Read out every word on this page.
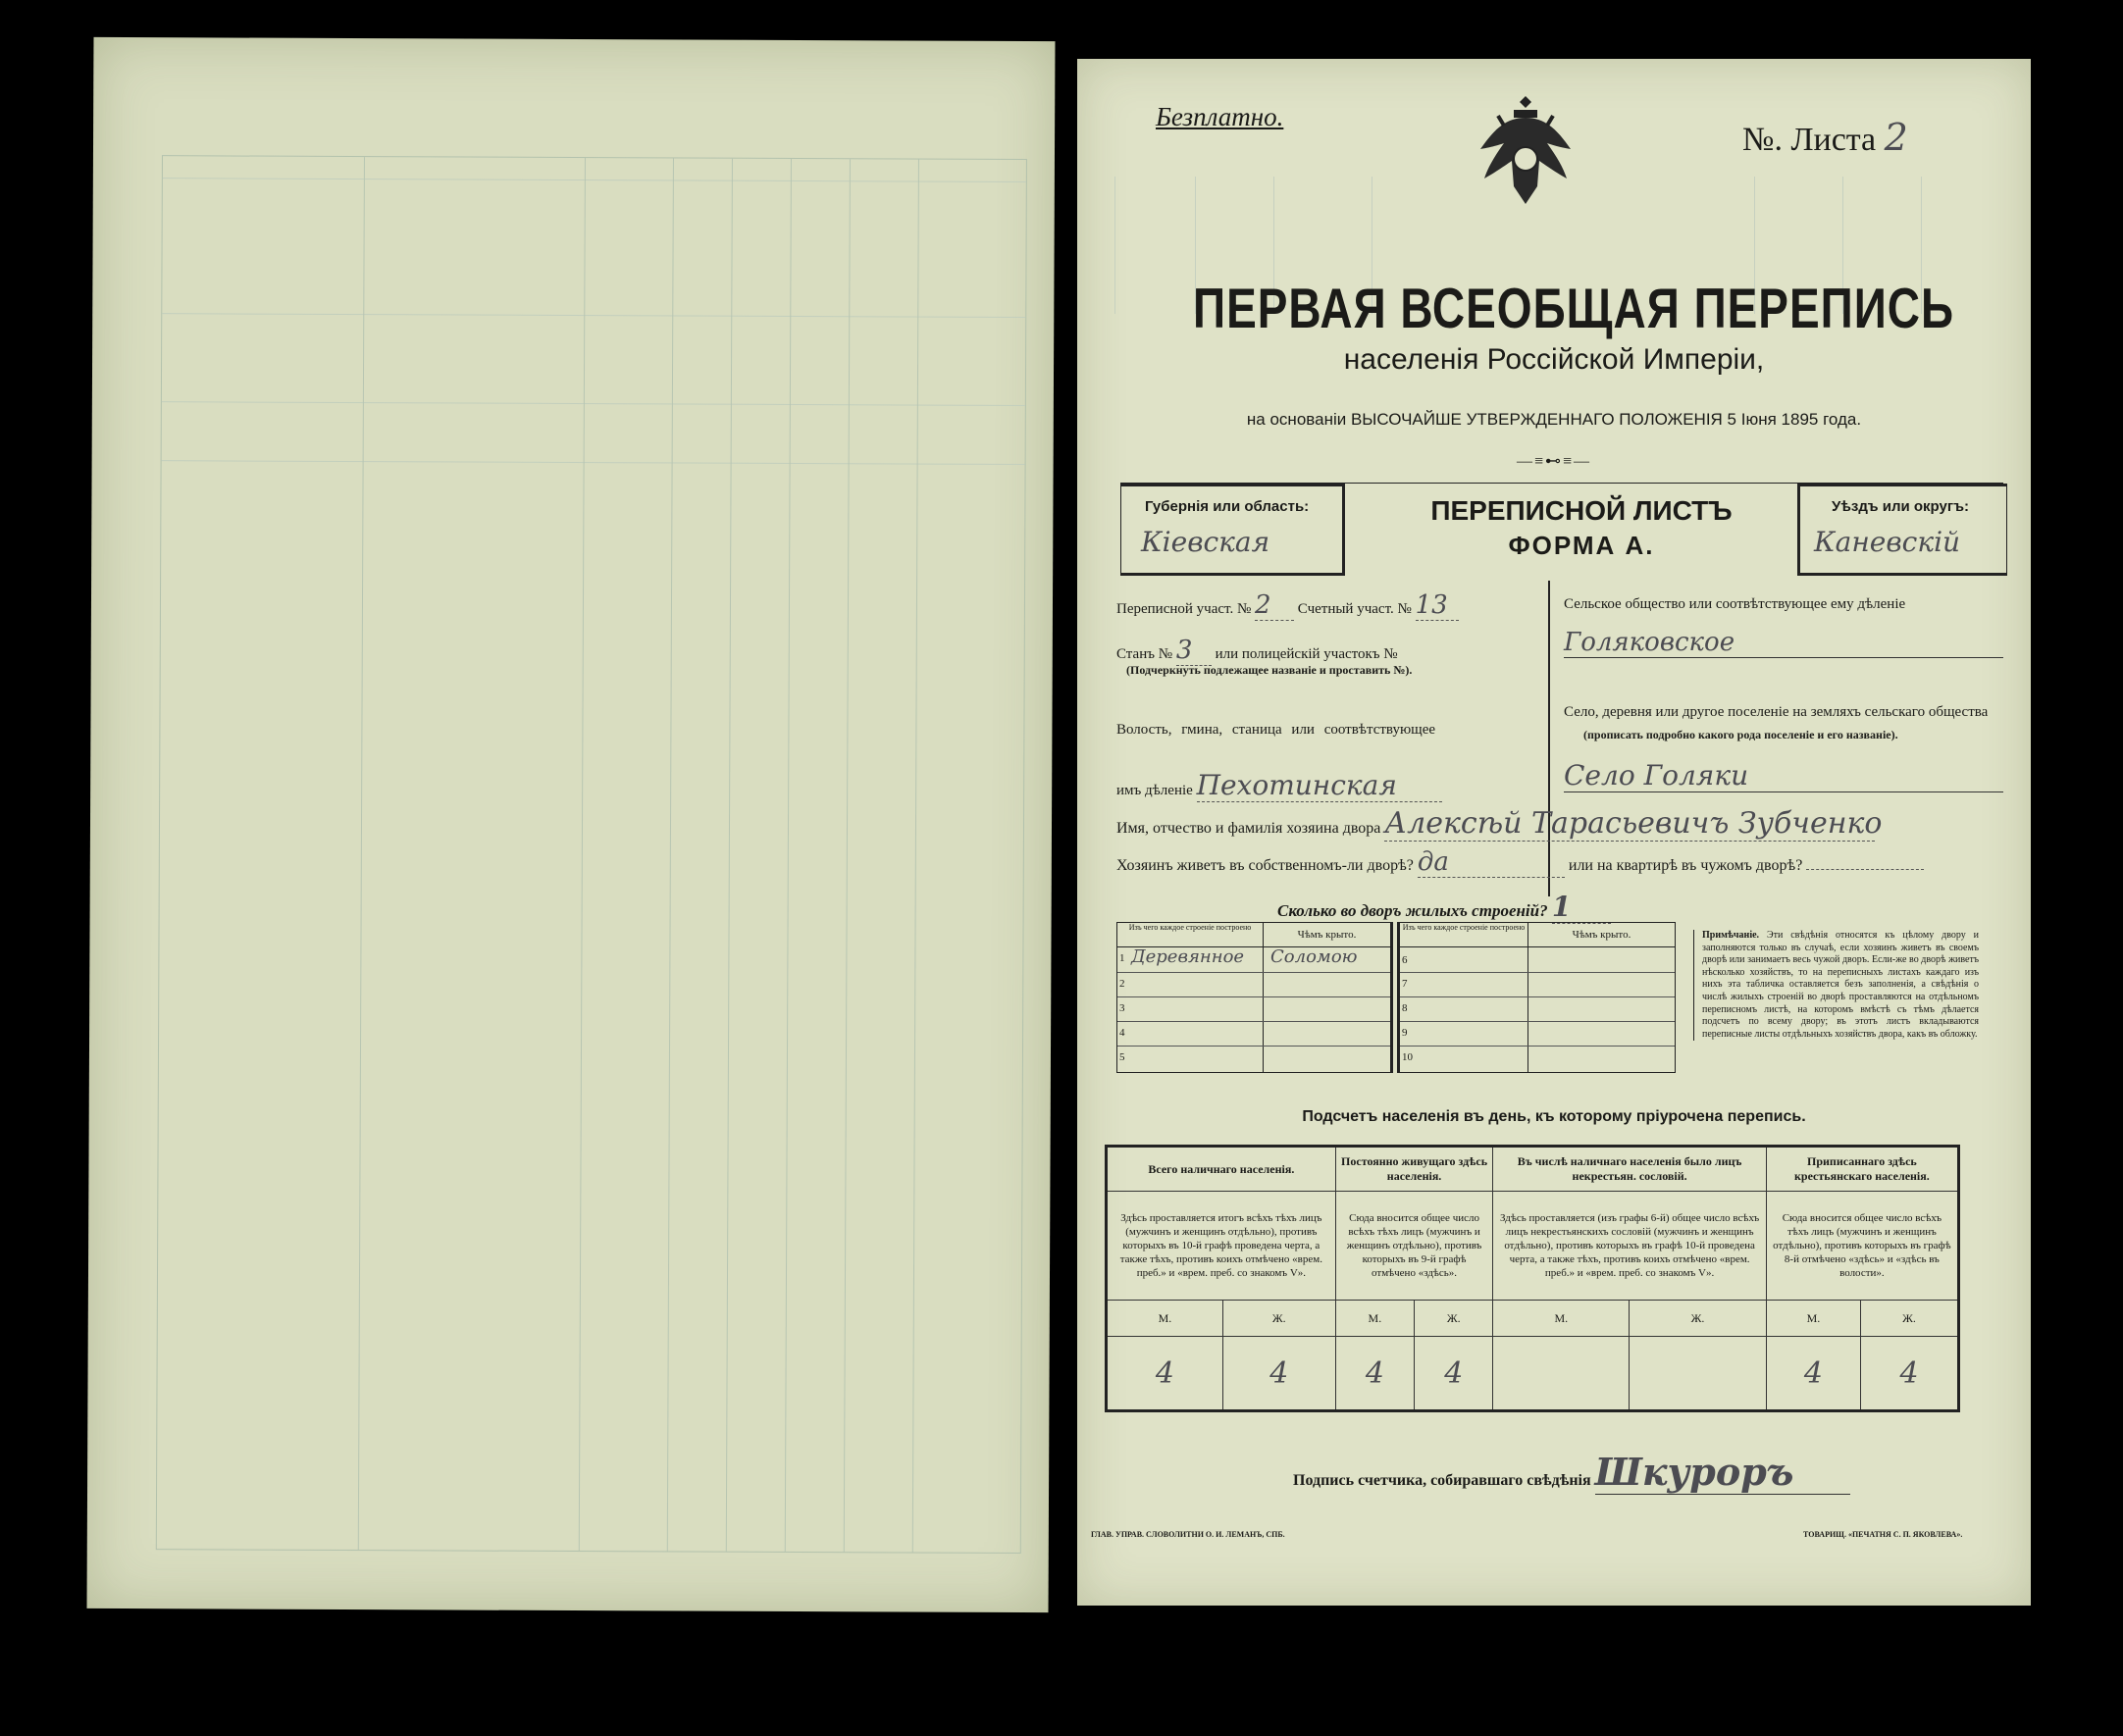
Безплатно.
№. Листа 2
ПЕРВАЯ ВСЕОБЩАЯ ПЕРЕПИСЬ
населенія Россійской Имперіи,
на основаніи ВЫСОЧАЙШЕ УТВЕРЖДЕННАГО ПОЛОЖЕНІЯ 5 Іюня 1895 года.
—≡⊷≡—
Губернія или область:
Кіевская
ПЕРЕПИСНОЙ ЛИСТЪ
ФОРМА А.
Уѣздъ или округъ:
Каневскій
Переписной участ. № 2 Счетный участ. № 13
Станъ № 3 или полицейскій участокъ №
(Подчеркнуть подлежащее названіе и проставить №).
Волость, гмина, станица или соотвѣтствующее
имъ дѣленіе Пехотинская
Сельское общество или соотвѣтствующее ему дѣленіе
Голяковское
Село, деревня или другое поселеніе на земляхъ сельскаго общества
(прописать подробно какого рода поселеніе и его названіе).
Село Голяки
Имя, отчество и фамилія хозяина двора Алексѣй Тарасьевичъ Зубченко
Хозяинъ живетъ въ собственномъ-ли дворѣ? да	или на квартирѣ въ чужомъ дворѣ?
Сколько во дворъ жилыхъ строеній? 1
Изъ чего каждое строеніе построено
Чѣмъ крыто.
1 Деревянное Соломою
2
3
4
5
Изъ чего каждое строеніе построено
Чѣмъ крыто.
6
7
8
9
10
Примѣчаніе. Эти свѣдѣнія относятся къ цѣлому двору и заполняются только въ случаѣ, если хозяинъ живетъ въ своемъ дворѣ или занимаетъ весь чужой дворъ. Если-же во дворѣ живетъ нѣсколько хозяйствъ, то на переписныхъ листахъ каждаго изъ нихъ эта табличка оставляется безъ заполненія, а свѣдѣнія о числѣ жилыхъ строеній во дворѣ проставляются на отдѣльномъ переписномъ листѣ, на которомъ вмѣстѣ съ тѣмъ дѣлается подсчетъ по всему двору; въ этотъ листъ вкладываются переписные листы отдѣльныхъ хозяйствъ двора, какъ въ обложку.
Подсчетъ населенія въ день, къ которому пріурочена перепись.
Всего наличнаго населенія.		Постоянно живущаго здѣсь населенія.		Въ числѣ наличнаго населенія было лицъ некрестьян. сословій.		Приписаннаго здѣсь крестьянскаго населенія.	
Здѣсь проставляется итогъ всѣхъ тѣхъ лицъ (мужчинъ и женщинъ отдѣльно), противъ которыхъ въ 10-й графѣ проведена черта, а также тѣхъ, противъ коихъ отмѣчено «врем. преб.» и «врем. преб. со знакомъ V».		Сюда вносится общее число всѣхъ тѣхъ лицъ (мужчинъ и женщинъ отдѣльно), противъ которыхъ въ 9-й графѣ отмѣчено «здѣсь».		Здѣсь проставляется (изъ графы 6-й) общее число всѣхъ лицъ некрестьянскихъ сословій (мужчинъ и женщинъ отдѣльно), противъ которыхъ въ графѣ 10-й проведена черта, а также тѣхъ, противъ коихъ отмѣчено «врем. преб.» и «врем. преб. со знакомъ V».		Сюда вносится общее число всѣхъ тѣхъ лицъ (мужчинъ и женщинъ отдѣльно), противъ которыхъ въ графѣ 8-й отмѣчено «здѣсь» и «здѣсь въ волости».	
М.	Ж.	М.	Ж.	М.	Ж.	М.	Ж.
4	4	4	4			4	4
Подпись счетчика, собиравшаго свѣдѣнія Шкуроръ
ГЛАВ. УПРАВ. СЛОВОЛИТНИ О. И. ЛЕМАНЪ, СПБ.	ТОВАРИЩ. «ПЕЧАТНЯ С. П. ЯКОВЛЕВА».
